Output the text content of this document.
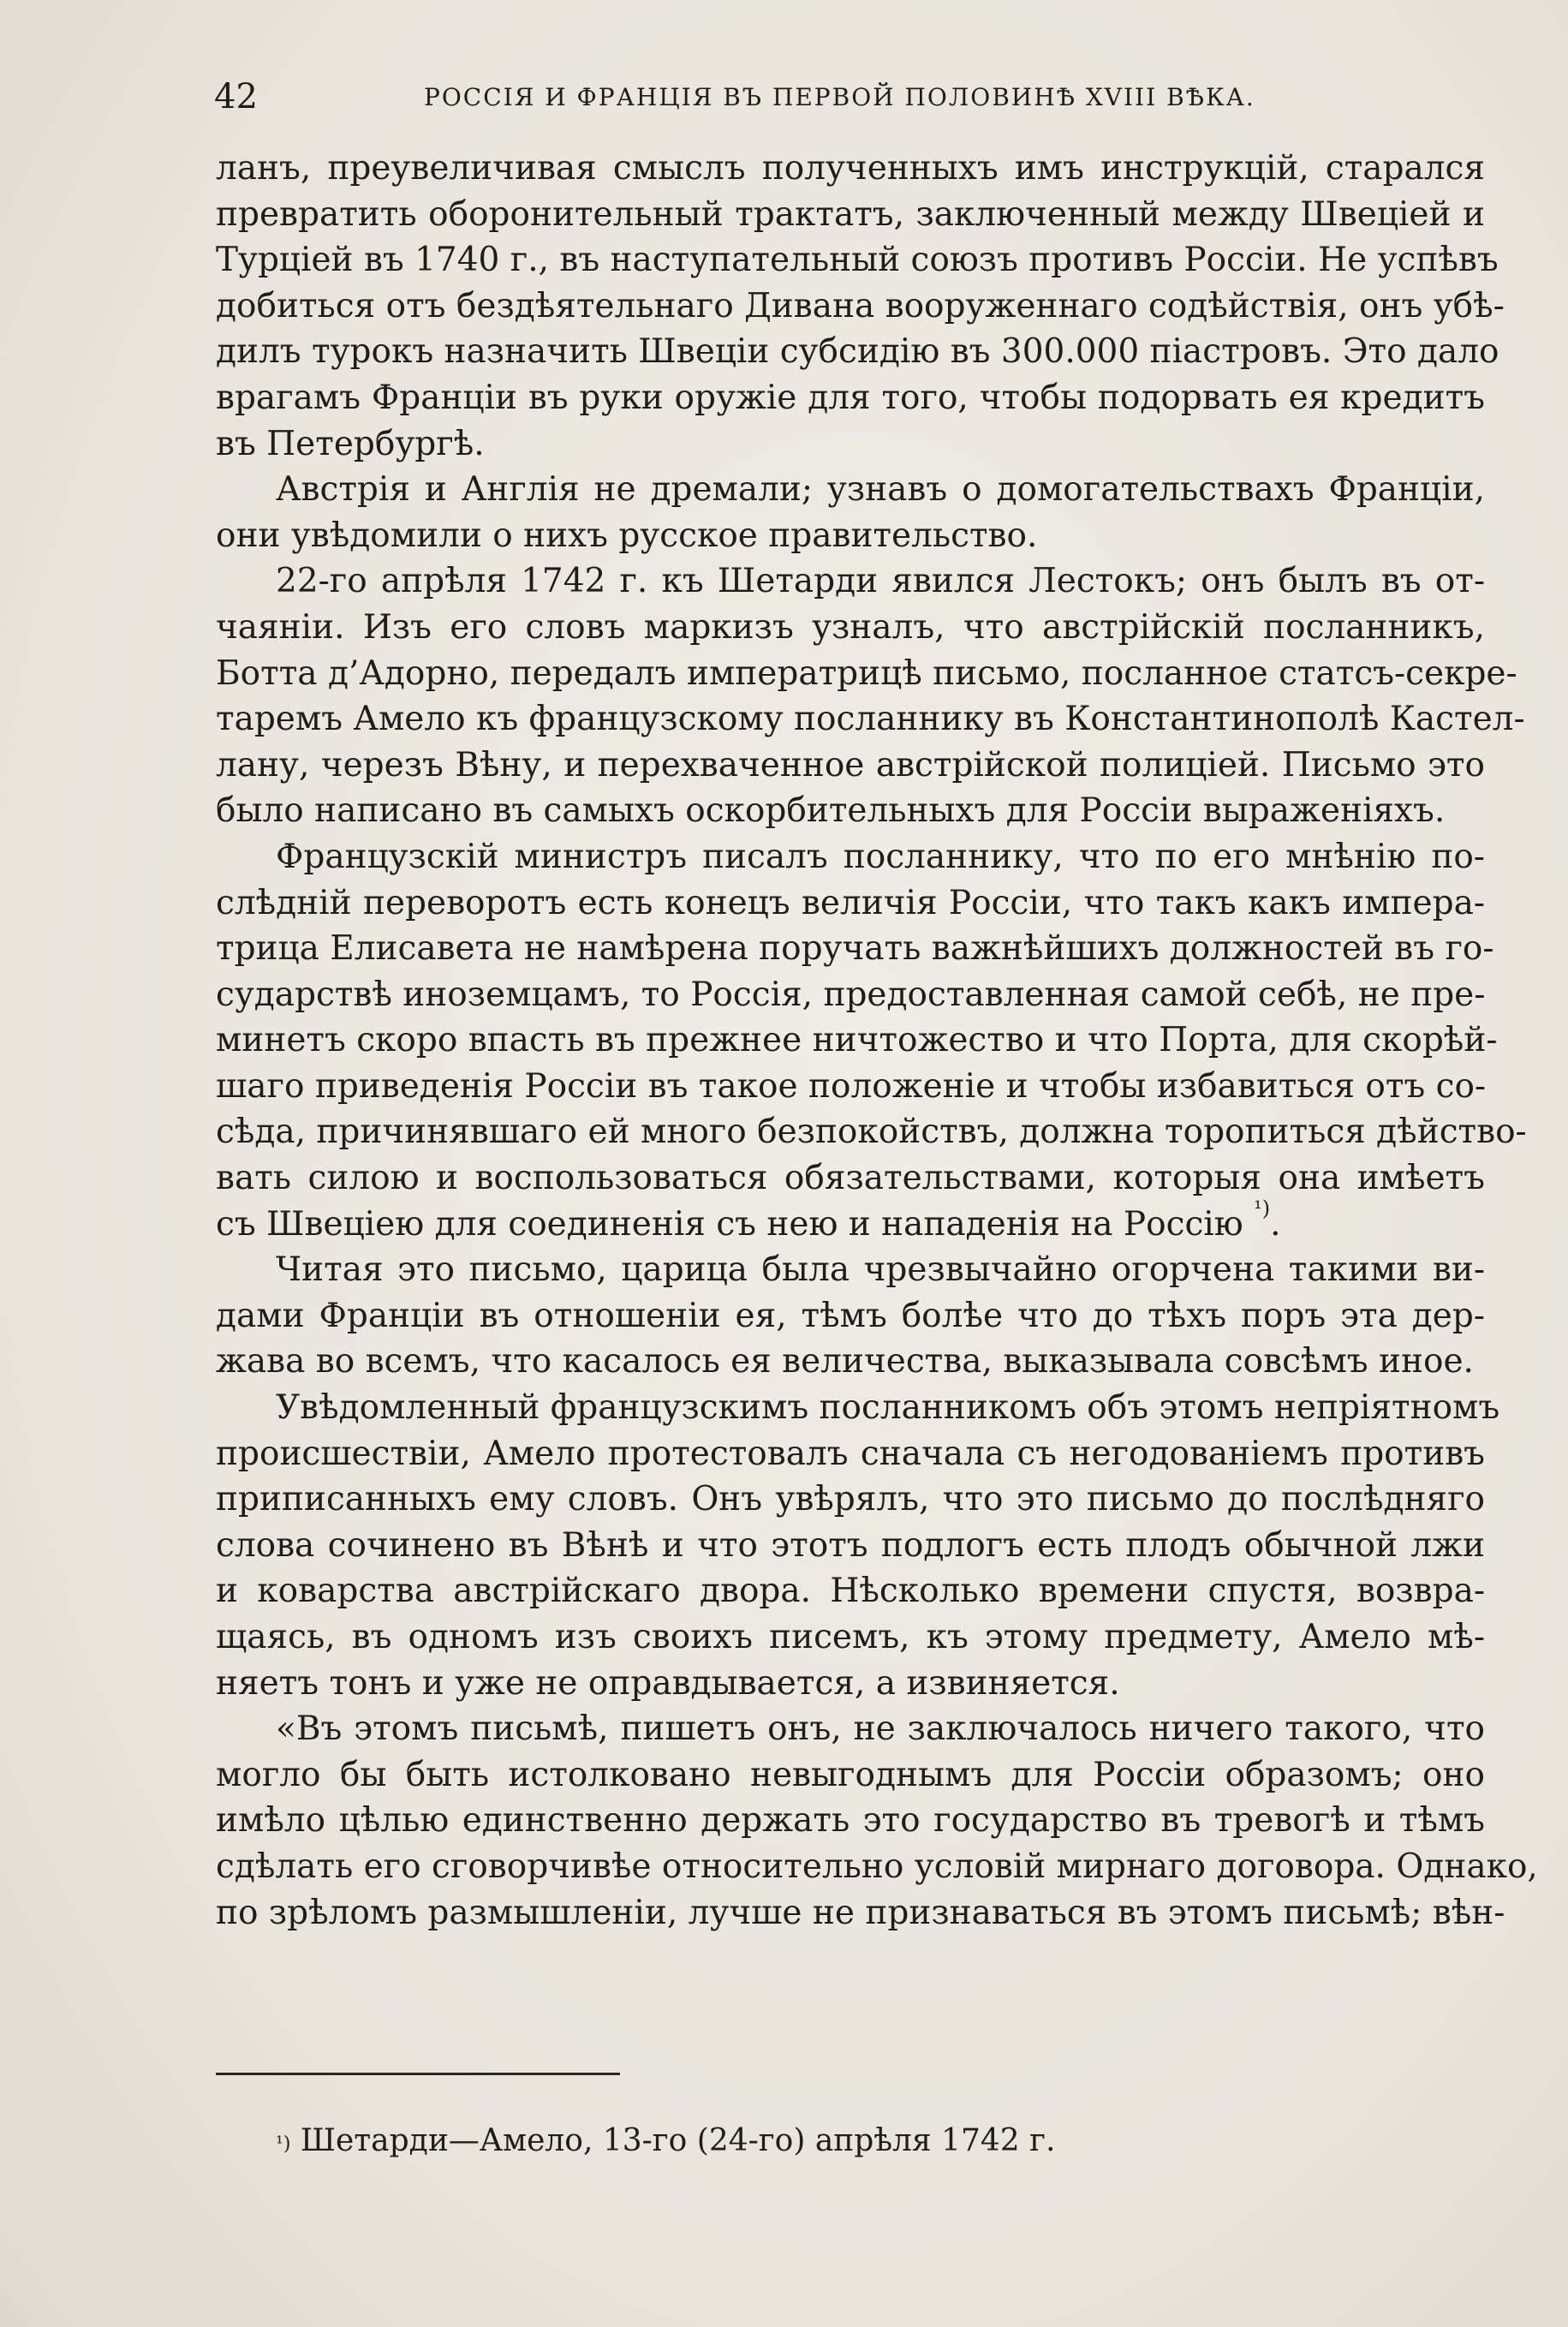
42	РОССІЯ И ФРАНЦІЯ ВЪ ПЕРВОЙ ПОЛОВИНѢ XVIII ВѢКА.
ланъ, преувеличивая смыслъ полученныхъ имъ инструкцій, старался
превратить оборонительный трактатъ, заключенный между Швеціей и
Турціей въ 1740 г., въ наступательный союзъ противъ Россіи. Не успѣвъ
добиться отъ бездѣятельнаго Дивана вооруженнаго содѣйствія, онъ убѣ-
дилъ турокъ назначить Швеціи субсидію въ 300.000 піастровъ. Это дало
врагамъ Франціи въ руки оружіе для того, чтобы подорвать ея кредитъ
въ Петербургѣ.
Австрія и Англія не дремали; узнавъ о домогательствахъ Франціи,
они увѣдомили о нихъ русское правительство.
22-го апрѣля 1742 г. къ Шетарди явился Лестокъ; онъ былъ въ от-
чаяніи. Изъ его словъ маркизъ узналъ, что австрійскій посланникъ,
Ботта д’Адорно, передалъ императрицѣ письмо, посланное статсъ-секре-
таремъ Амело къ французскому посланнику въ Константинополѣ Кастел-
лану, черезъ Вѣну, и перехваченное австрійской полиціей. Письмо это
было написано въ самыхъ оскорбительныхъ для Россіи выраженіяхъ.
Французскій министръ писалъ посланнику, что по его мнѣнію по-
слѣдній переворотъ есть конецъ величія Россіи, что такъ какъ импера-
трица Елисавета не намѣрена поручать важнѣйшихъ должностей въ го-
сударствѣ иноземцамъ, то Россія, предоставленная самой себѣ, не пре-
минетъ скоро впасть въ прежнее ничтожество и что Порта, для скорѣй-
шаго приведенія Россіи въ такое положеніе и чтобы избавиться отъ со-
сѣда, причинявшаго ей много безпокойствъ, должна торопиться дѣйство-
вать силою и воспользоваться обязательствами, которыя она имѣетъ
съ Швеціею для соединенія съ нею и нападенія на Россію $^{^1)}$.
Читая это письмо, царица была чрезвычайно огорчена такими ви-
дами Франціи въ отношеніи ея, тѣмъ болѣе что до тѣхъ поръ эта дер-
жава во всемъ, что касалось ея величества, выказывала совсѣмъ иное.
Увѣдомленный французскимъ посланникомъ объ этомъ непріятномъ
происшествіи, Амело протестовалъ сначала съ негодованіемъ противъ
приписанныхъ ему словъ. Онъ увѣрялъ, что это письмо до послѣдняго
слова сочинено въ Вѣнѣ и что этотъ подлогъ есть плодъ обычной лжи
и коварства австрійскаго двора. Нѣсколько времени спустя, возвра-
щаясь, въ одномъ изъ своихъ писемъ, къ этому предмету, Амело мѣ-
няетъ тонъ и уже не оправдывается, а извиняется.
«Въ этомъ письмѣ, пишетъ онъ, не заключалось ничего такого, что
могло бы быть истолковано невыгоднымъ для Россіи образомъ; оно
имѣло цѣлью единственно держать это государство въ тревогѣ и тѣмъ
сдѣлать его сговорчивѣе относительно условій мирнаго договора. Однако,
по зрѣломъ размышленіи, лучше не признаваться въ этомъ письмѣ; вѣн-
$^{^1)}$ Шетарди—Амело, 13-го (24-го) апрѣля 1742 г.
